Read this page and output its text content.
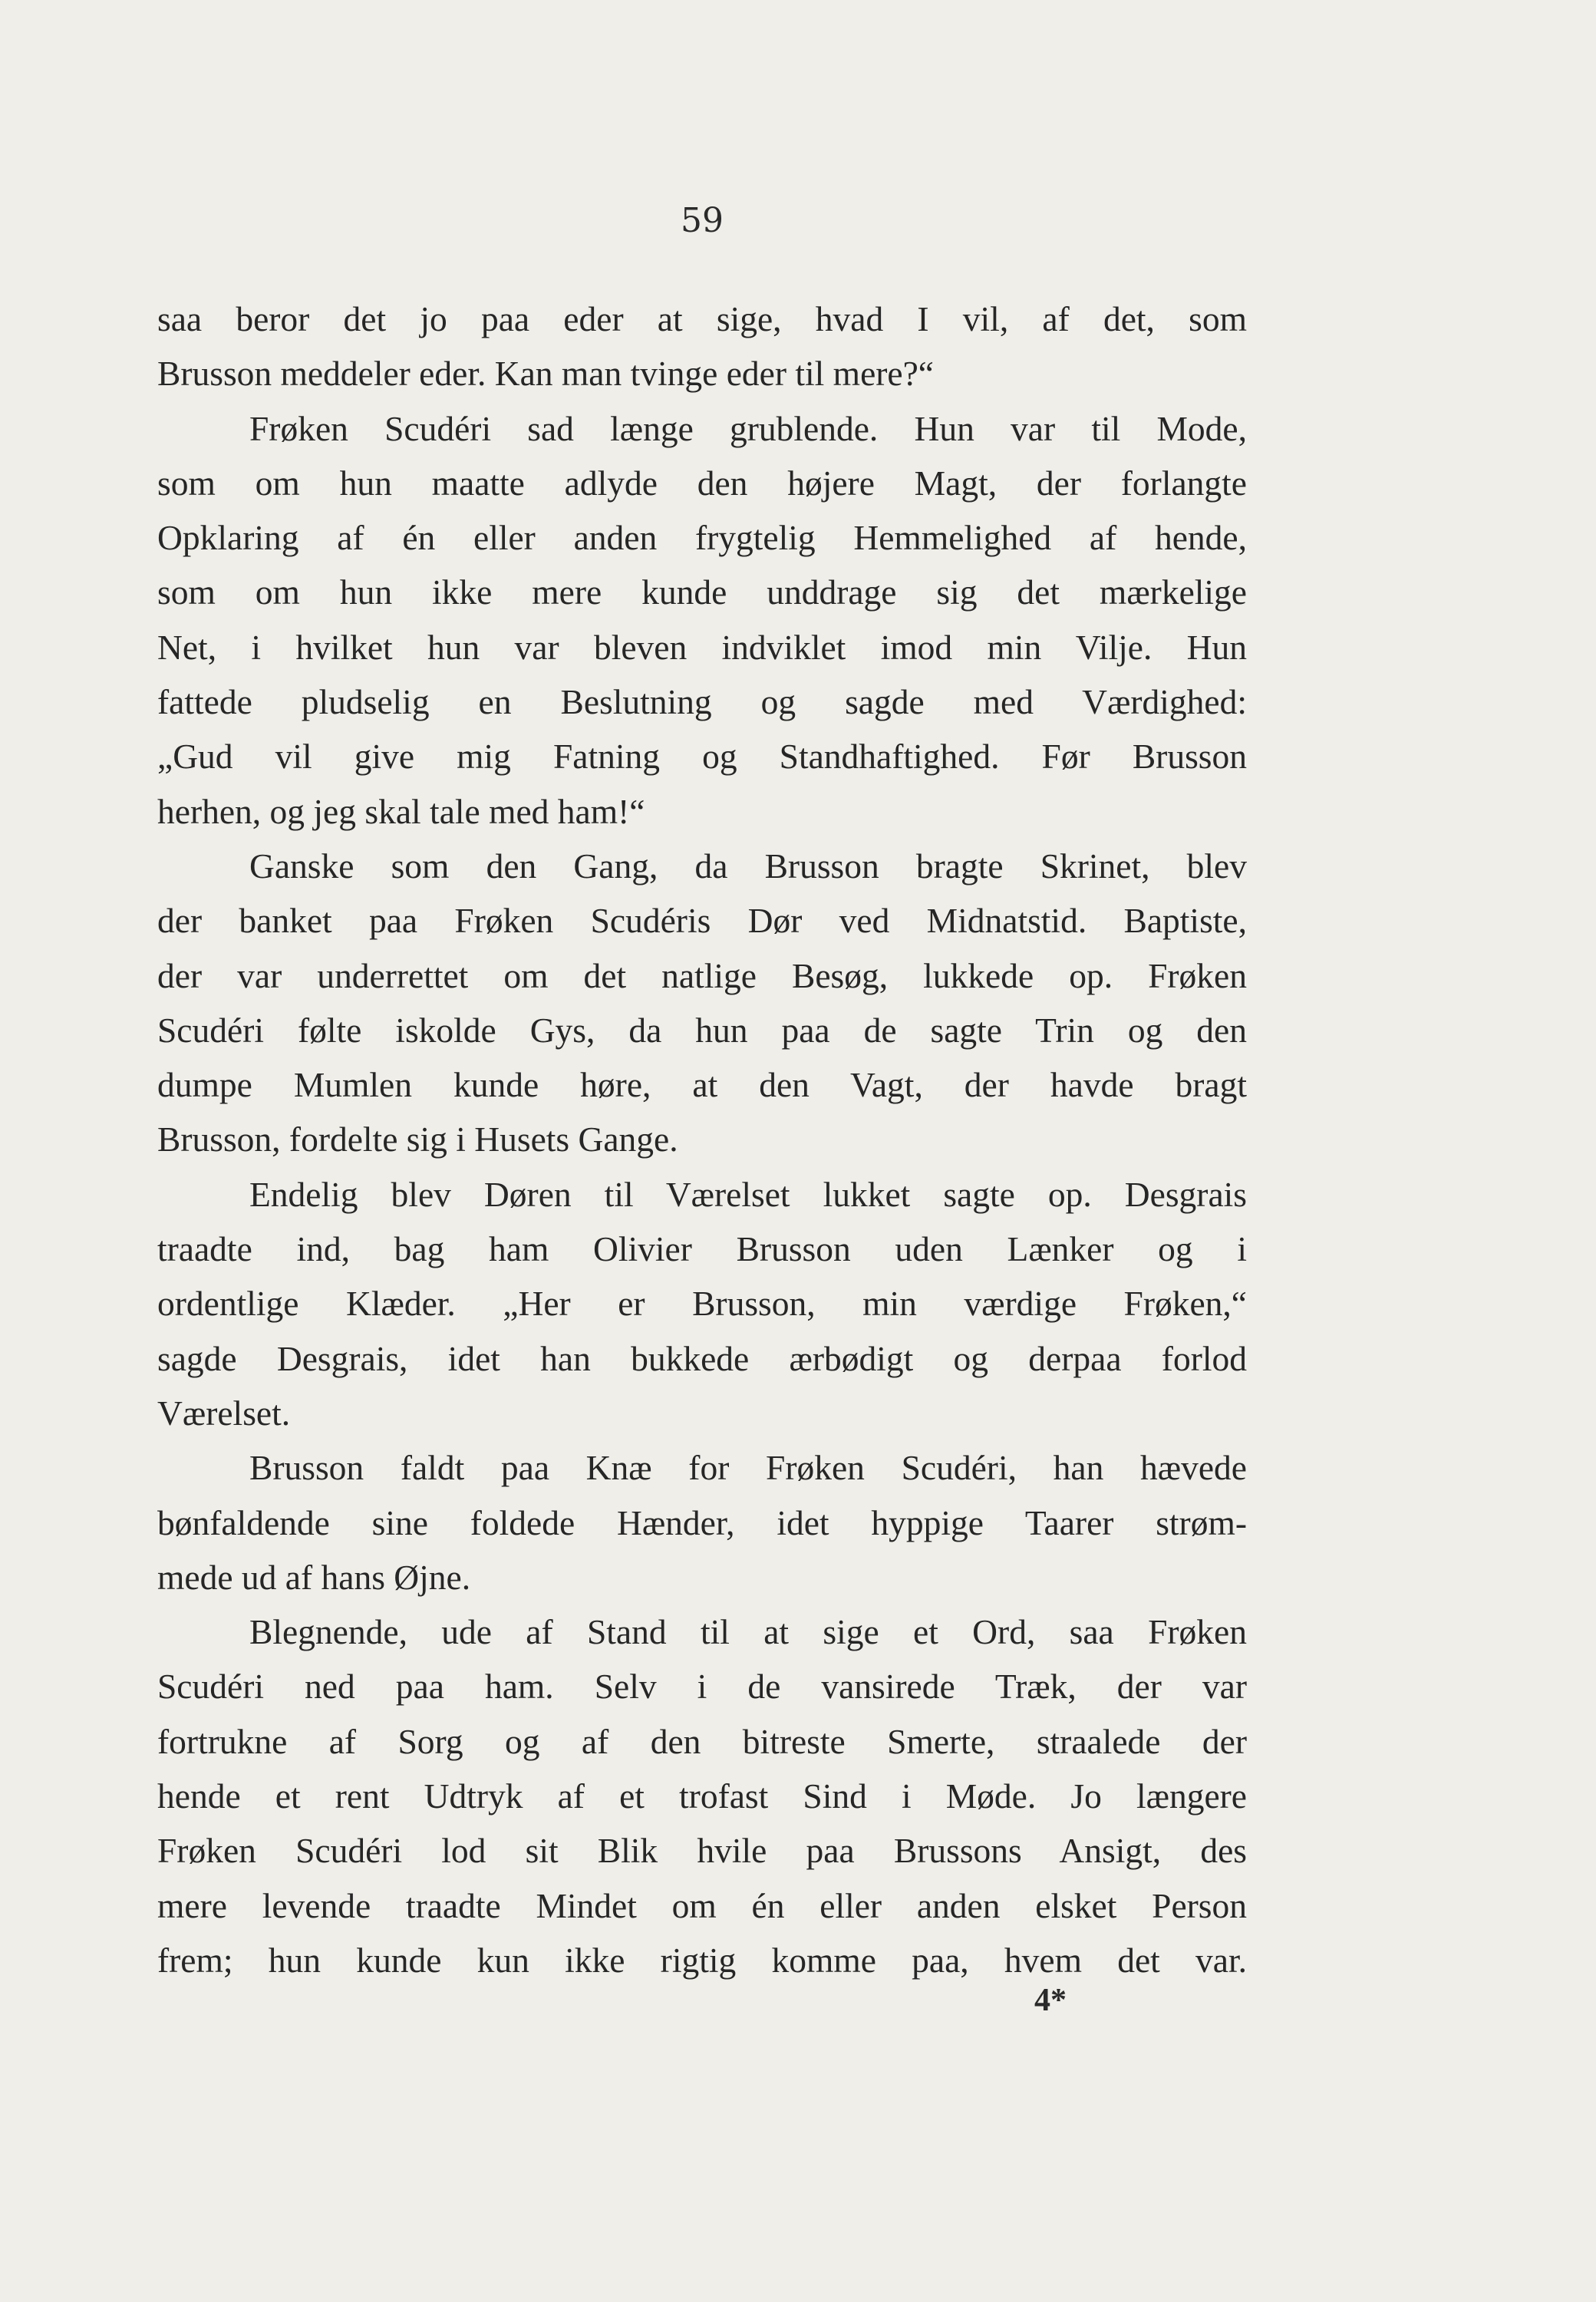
59
saa beror det jo paa eder at sige, hvad I vil, af det, som
Brusson meddeler eder. Kan man tvinge eder til mere?“
Frøken Scudéri sad længe grublende. Hun var til Mode,
som om hun maatte adlyde den højere Magt, der forlangte
Opklaring af én eller anden frygtelig Hemmelighed af hende,
som om hun ikke mere kunde unddrage sig det mærkelige
Net, i hvilket hun var bleven indviklet imod min Vilje. Hun
fattede pludselig en Beslutning og sagde med Værdighed:
„Gud vil give mig Fatning og Standhaftighed. Før Brusson
herhen, og jeg skal tale med ham!“
Ganske som den Gang, da Brusson bragte Skrinet, blev
der banket paa Frøken Scudéris Dør ved Midnatstid. Baptiste,
der var underrettet om det natlige Besøg, lukkede op. Frøken
Scudéri følte iskolde Gys, da hun paa de sagte Trin og den
dumpe Mumlen kunde høre, at den Vagt, der havde bragt
Brusson, fordelte sig i Husets Gange.
Endelig blev Døren til Værelset lukket sagte op. Desgrais
traadte ind, bag ham Olivier Brusson uden Lænker og i
ordentlige Klæder. „Her er Brusson, min værdige Frøken,“
sagde Desgrais, idet han bukkede ærbødigt og derpaa forlod
Værelset.
Brusson faldt paa Knæ for Frøken Scudéri, han hævede
bønfaldende sine foldede Hænder, idet hyppige Taarer strøm-
mede ud af hans Øjne.
Blegnende, ude af Stand til at sige et Ord, saa Frøken
Scudéri ned paa ham. Selv i de vansirede Træk, der var
fortrukne af Sorg og af den bitreste Smerte, straalede der
hende et rent Udtryk af et trofast Sind i Møde. Jo længere
Frøken Scudéri lod sit Blik hvile paa Brussons Ansigt, des
mere levende traadte Mindet om én eller anden elsket Person
frem; hun kunde kun ikke rigtig komme paa, hvem det var.
4*
